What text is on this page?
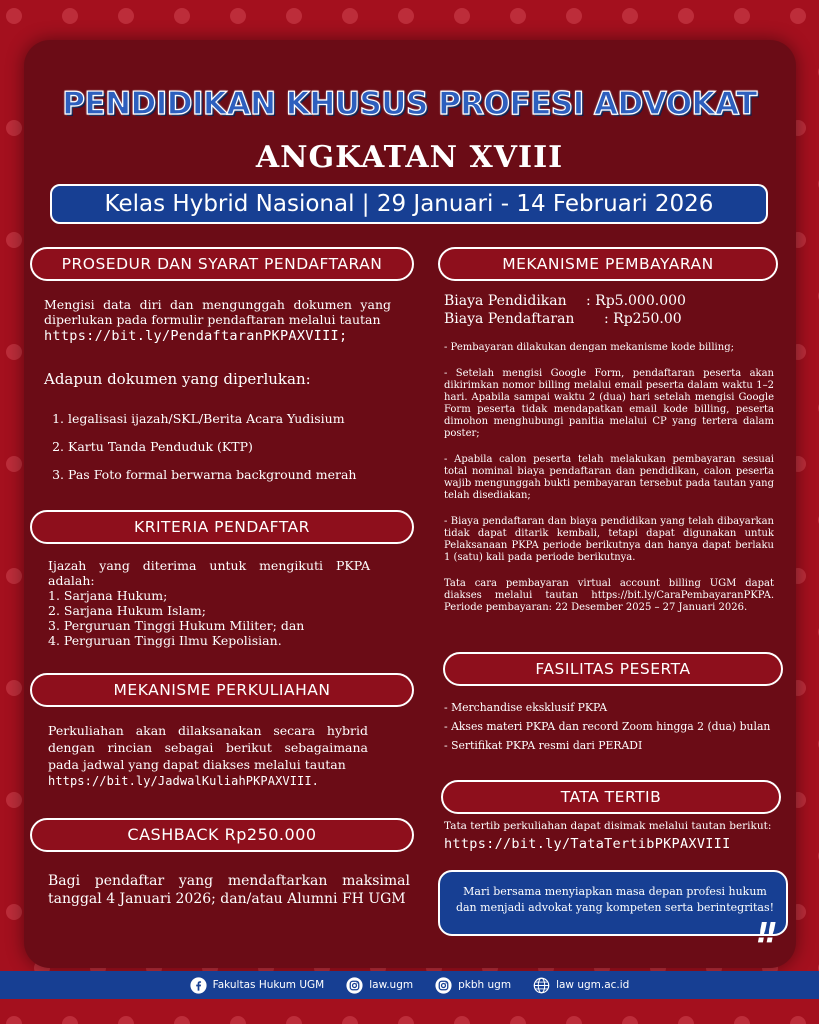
PENDIDIKAN KHUSUS PROFESI ADVOKAT
ANGKATAN XVIII
Kelas Hybrid Nasional | 29 Januari - 14 Februari 2026
PROSEDUR DAN SYARAT PENDAFTARAN
Mengisi data diri dan mengunggah dokumen yang diperlukan pada formulir pendaftaran melalui tautan
https://bit.ly/PendaftaranPKPAXVIII;
Adapun dokumen yang diperlukan:
1. legalisasi ijazah/SKL/Berita Acara Yudisium
2. Kartu Tanda Penduduk (KTP)
3. Pas Foto formal berwarna background merah
KRITERIA PENDAFTAR
Ijazah yang diterima untuk mengikuti PKPA adalah:
1. Sarjana Hukum;
2. Sarjana Hukum Islam;
3. Perguruan Tinggi Hukum Militer; dan
4. Perguruan Tinggi Ilmu Kepolisian.
MEKANISME PERKULIAHAN
Perkuliahan akan dilaksanakan secara hybrid dengan rincian sebagai berikut sebagaimana pada jadwal yang dapat diakses melalui tautan
https://bit.ly/JadwalKuliahPKPAXVIII.
CASHBACK Rp250.000
Bagi pendaftar yang mendaftarkan maksimal tanggal 4 Januari 2026; dan/atau Alumni FH UGM
MEKANISME PEMBAYARAN
Biaya Pendidikan : Rp5.000.000
Biaya Pendaftaran : Rp250.00
- Pembayaran dilakukan dengan mekanisme kode billing;
- Setelah mengisi Google Form, pendaftaran peserta akan dikirimkan nomor billing melalui email peserta dalam waktu 1–2 hari. Apabila sampai waktu 2 (dua) hari setelah mengisi Google Form peserta tidak mendapatkan email kode billing, peserta dimohon menghubungi panitia melalui CP yang tertera dalam poster;
- Apabila calon peserta telah melakukan pembayaran sesuai total nominal biaya pendaftaran dan pendidikan, calon peserta wajib mengunggah bukti pembayaran tersebut pada tautan yang telah disediakan;
- Biaya pendaftaran dan biaya pendidikan yang telah dibayarkan tidak dapat ditarik kembali, tetapi dapat digunakan untuk Pelaksanaan PKPA periode berikutnya dan hanya dapat berlaku 1 (satu) kali pada periode berikutnya.
Tata cara pembayaran virtual account billing UGM dapat diakses melalui tautan https://bit.ly/CaraPembayaranPKPA. Periode pembayaran: 22 Desember 2025 – 27 Januari 2026.
FASILITAS PESERTA
- Merchandise eksklusif PKPA
- Akses materi PKPA dan record Zoom hingga 2 (dua) bulan
- Sertifikat PKPA resmi dari PERADI
TATA TERTIB
Tata tertib perkuliahan dapat disimak melalui tautan berikut:
https://bit.ly/TataTertibPKPAXVIII
Mari bersama menyiapkan masa depan profesi hukum dan menjadi advokat yang kompeten serta berintegritas!
!!
Fakultas Hukum UGM	law.ugm	pkbh ugm	law ugm.ac.id
